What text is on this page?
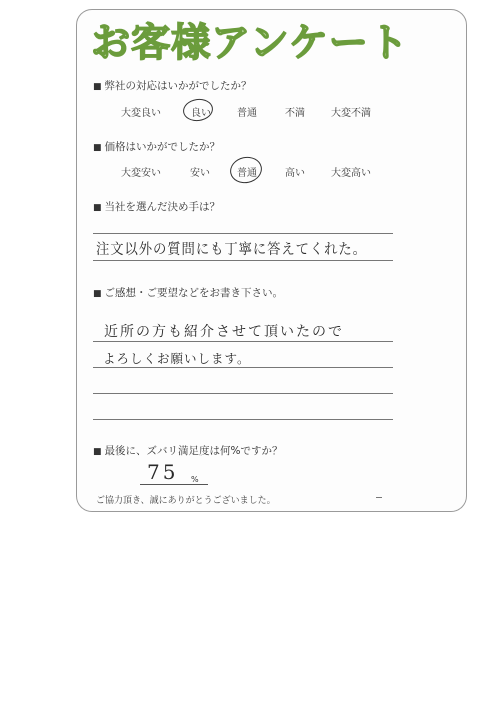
お客様アンケート
■ 弊社の対応はいかがでしたか？
大変良い	良い	普通	不満	大変不満
■ 価格はいかがでしたか？
大変安い	安い	普通	高い	大変高い
■ 当社を選んだ決め手は？
注文以外の質問にも丁寧に答えてくれた。
■ ご感想・ご要望などをお書き下さい。
近所の方も紹介させて頂いたので
よろしくお願いします。
■ 最後に、ズバリ満足度は何%ですか？
75 %
ご協力頂き、誠にありがとうございました。
